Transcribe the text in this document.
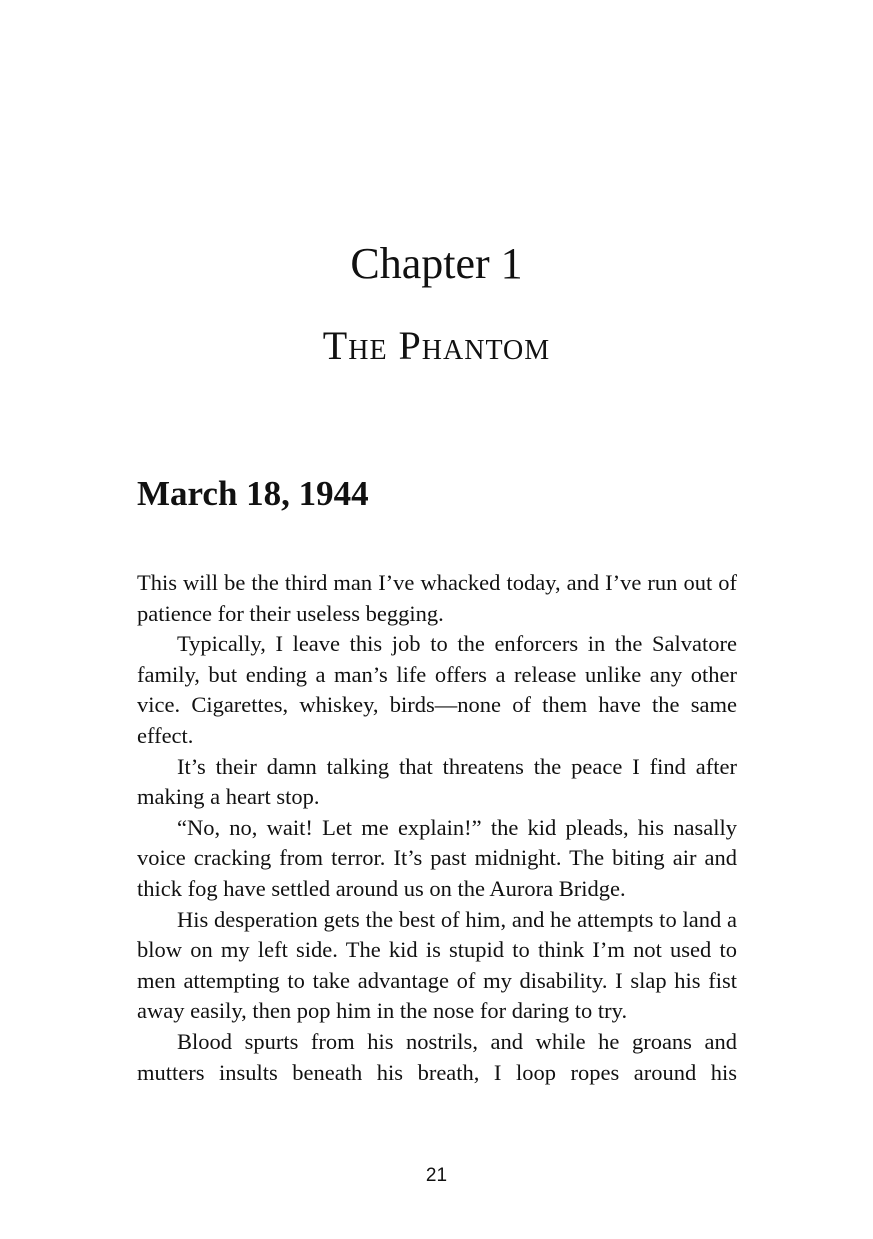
Chapter 1
The Phantom
March 18, 1944

This will be the third man I’ve whacked today, and I’ve run out of patience for their useless begging.

Typically, I leave this job to the enforcers in the Salvatore family, but ending a man’s life offers a release unlike any other vice. Cigarettes, whiskey, birds—none of them have the same effect.

It’s their damn talking that threatens the peace I find after making a heart stop.

“No, no, wait! Let me explain!” the kid pleads, his nasally voice cracking from terror. It’s past midnight. The biting air and thick fog have settled around us on the Aurora Bridge.

His desperation gets the best of him, and he attempts to land a blow on my left side. The kid is stupid to think I’m not used to men attempting to take advantage of my disability. I slap his fist away easily, then pop him in the nose for daring to try.

Blood spurts from his nostrils, and while he groans and mutters insults beneath his breath, I loop ropes around his

21
